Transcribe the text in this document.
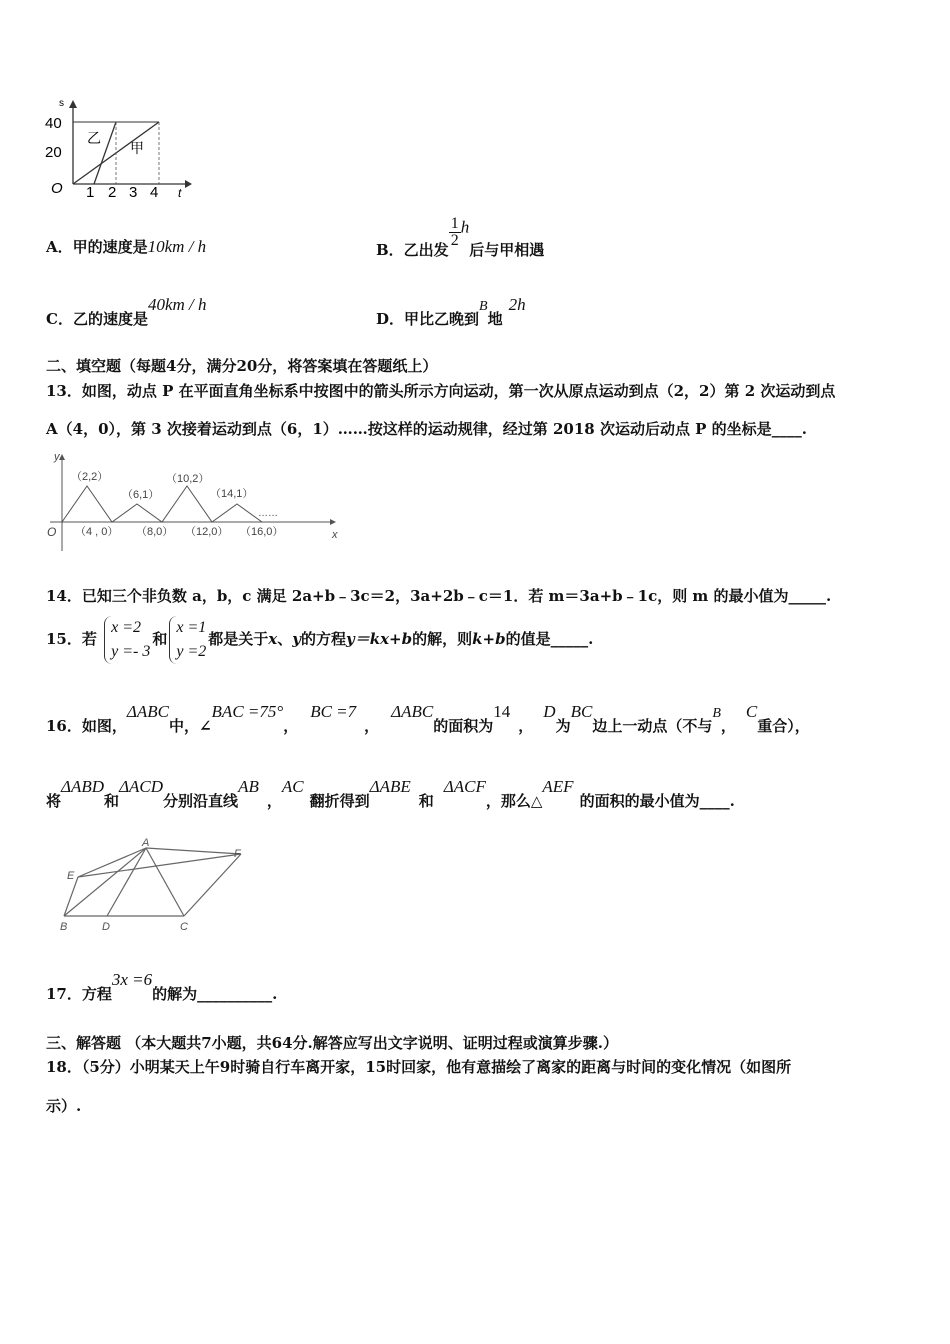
s
t
O
40
20
1 2 3 4
乙
甲
A．甲的速度是10km / h	B．乙出发
$\frac{1}{2}$ h后与甲相遇
C．乙的速度是40km / h
D．甲比乙晚到B地2h
二、填空题（每题4分，满分20分，将答案填在答题纸上）
13．如图，动点 P 在平面直角坐标系中按图中的箭头所示方向运动，第一次从原点运动到点（2，2）第 2 次运动到点
A（4，0），第 3 次接着运动到点（6，1）……按这样的运动规律，经过第 2018 次运动后动点 P 的坐标是____.
y
x
O
（2,2）
（6,1）
（10,2）
（14,1）
（4 , 0） （8,0） （12,0） （16,0）
……
14．已知三个非负数 a，b，c 满足 2a+b﹣3c＝2，3a+2b﹣c＝1．若 m＝3a+b﹣1c，则 m 的最小值为_____.
15．若
x =2
y =- 3
和
x =1
y =2
都是关于x、y的方程y＝kx+b的解，则k+b的值是_____.
16．如图，ΔABC中，∠BAC =75°，BC =7，ΔABC的面积为14，D为BC边上一动点（不与B，C重合），
将ΔABD和ΔACD分别沿直线AB，AC翻折得到ΔABE和ΔACF，那么△AEF的面积的最小值为____.
A
E
F
B	D	C
17．方程3x =6的解为__________.
三、解答题 （本大题共7小题，共64分.解答应写出文字说明、证明过程或演算步骤.）
18．（5分）小明某天上午9时骑自行车离开家，15时回家，他有意描绘了离家的距离与时间的变化情况（如图所
示）.
